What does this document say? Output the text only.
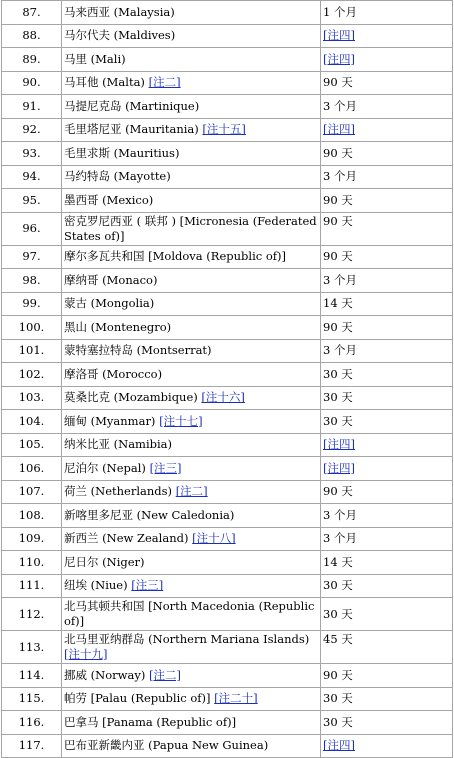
87.	马来西亚 (Malaysia)	1 个月
88.	马尔代夫 (Maldives)	[注四]
89.	马里 (Mali)	[注四]
90.	马耳他 (Malta) [注二]	90 天
91.	马提尼克岛 (Martinique)	3 个月
92.	毛里塔尼亚 (Mauritania) [注十五]	[注四]
93.	毛里求斯 (Mauritius)	90 天
94.	马约特岛 (Mayotte)	3 个月
95.	墨西哥 (Mexico)	90 天
96.	密克罗尼西亚 ( 联邦 ) [Micronesia (Federated States of)]	90 天
97.	摩尔多瓦共和国 [Moldova (Republic of)]	90 天
98.	摩纳哥 (Monaco)	3 个月
99.	蒙古 (Mongolia)	14 天
100.	黑山 (Montenegro)	90 天
101.	蒙特塞拉特岛 (Montserrat)	3 个月
102.	摩洛哥 (Morocco)	30 天
103.	莫桑比克 (Mozambique) [注十六]	30 天
104.	缅甸 (Myanmar) [注十七]	30 天
105.	纳米比亚 (Namibia)	[注四]
106.	尼泊尔 (Nepal) [注三]	[注四]
107.	荷兰 (Netherlands) [注二]	90 天
108.	新喀里多尼亚 (New Caledonia)	3 个月
109.	新西兰 (New Zealand) [注十八]	3 个月
110.	尼日尔 (Niger)	14 天
111.	纽埃 (Niue) [注三]	30 天
112.	北马其顿共和国 [North Macedonia (Republic of)]	30 天
113.	北马里亚纳群岛 (Northern Mariana Islands) [注十九]	45 天
114.	挪威 (Norway) [注二]	90 天
115.	帕劳 [Palau (Republic of)] [注二十]	30 天
116.	巴拿马 [Panama (Republic of)]	30 天
117.	巴布亚新畿内亚 (Papua New Guinea)	[注四]
